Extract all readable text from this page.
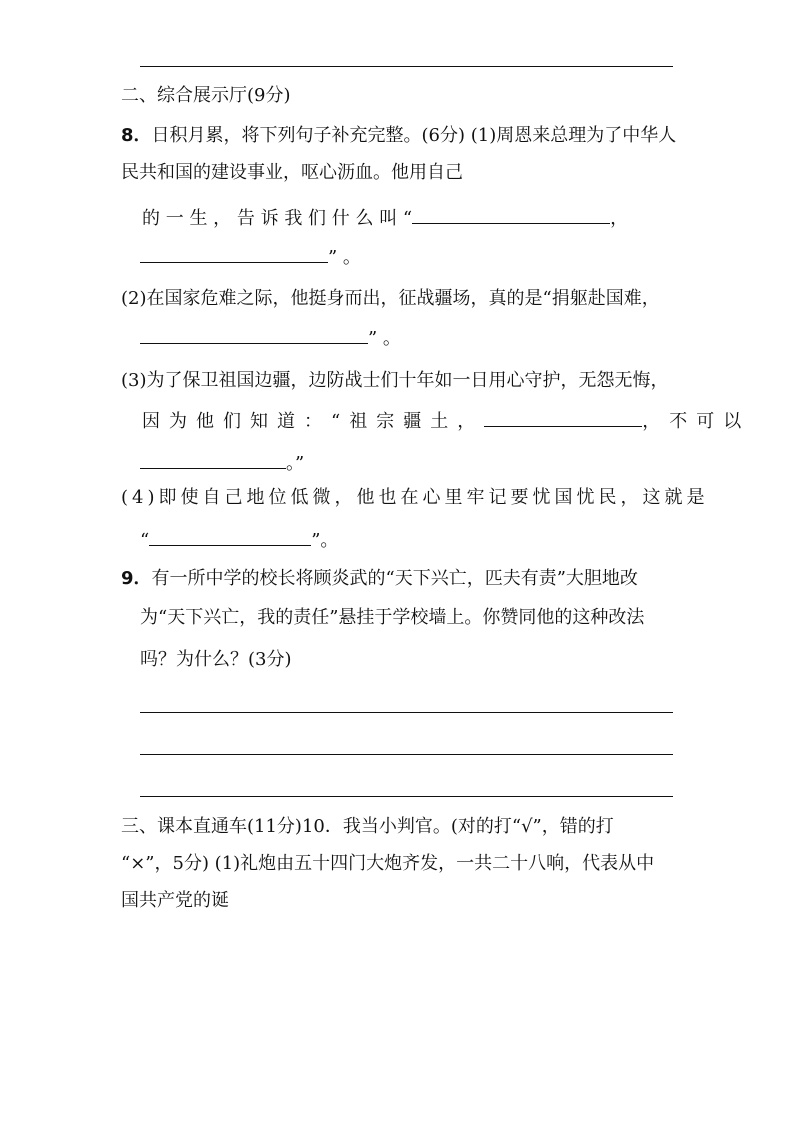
二、综合展示厅(9分)
8．日积月累，将下列句子补充完整。(6分) (1)周恩来总理为了中华人
民共和国的建设事业，呕心沥血。他用自己
的 一 生 ， 告 诉 我 们 什 么 叫 “	，
” 。
(2)在国家危难之际，他挺身而出，征战疆场，真的是“捐躯赴国难，
” 。
(3)为了保卫祖国边疆，边防战士们十年如一日用心守护，无怨无悔，
因为他们知道：“祖宗疆土，	，不可以
。”
(4)即使自己地位低微，他也在心里牢记要忧国忧民，这就是
“	”。
9．有一所中学的校长将顾炎武的“天下兴亡，匹夫有责”大胆地改
为“天下兴亡，我的责任”悬挂于学校墙上。你赞同他的这种改法
吗？为什么？(3分)
三、课本直通车(11分)10．我当小判官。(对的打“√”，错的打
“×”，5分) (1)礼炮由五十四门大炮齐发，一共二十八响，代表从中
国共产党的诞
